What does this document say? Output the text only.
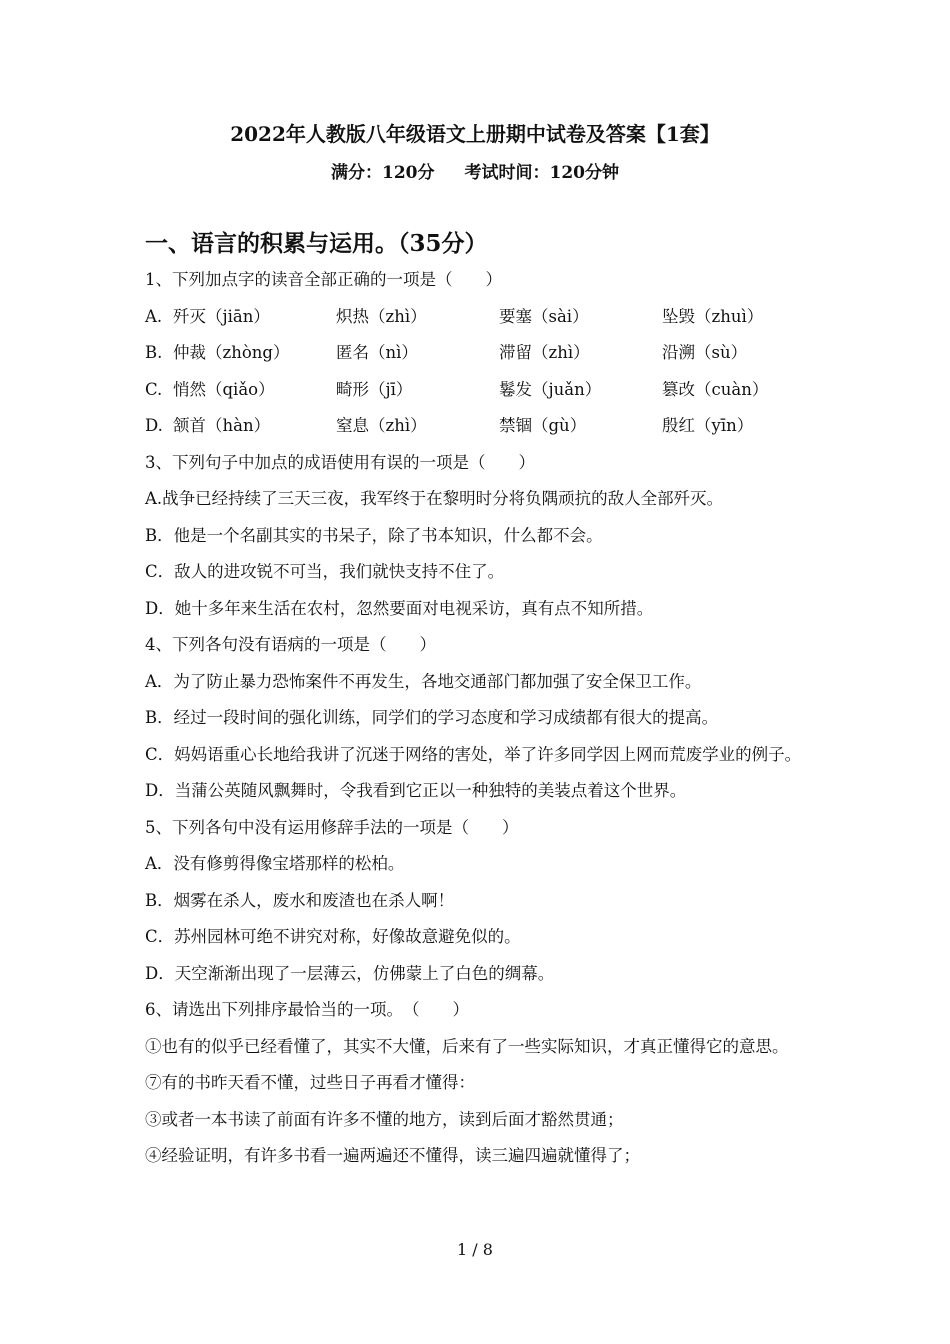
2022年人教版八年级语文上册期中试卷及答案【1套】
满分：120分 考试时间：120分钟
一、语言的积累与运用。（35分）
1、下列加点字的读音全部正确的一项是（　　）
A. 歼灭（jiān）	炽热（zhì）	要塞（sài）	坠毁（zhuì）
B. 仲裁（zhòng）	匿名（nì）	滞留（zhì）	沿溯（sù）
C. 悄然（qiǎo）	畸形（jī）	鬈发（juǎn）	篡改（cuàn）
D. 颔首（hàn）	窒息（zhì）	禁锢（gù）	殷红（yīn）
3、下列句子中加点的成语使用有误的一项是（　　）
A.战争已经持续了三天三夜，我军终于在黎明时分将负隅顽抗的敌人全部歼灭。
B．他是一个名副其实的书呆子，除了书本知识，什么都不会。
C．敌人的进攻锐不可当，我们就快支持不住了。
D．她十多年来生活在农村，忽然要面对电视采访，真有点不知所措。
4、下列各句没有语病的一项是（　　）
A．为了防止暴力恐怖案件不再发生，各地交通部门都加强了安全保卫工作。
B．经过一段时间的强化训练，同学们的学习态度和学习成绩都有很大的提高。
C．妈妈语重心长地给我讲了沉迷于网络的害处，举了许多同学因上网而荒废学业的例子。
D．当蒲公英随风飘舞时，令我看到它正以一种独特的美装点着这个世界。
5、下列各句中没有运用修辞手法的一项是（　　）
A．没有修剪得像宝塔那样的松柏。
B．烟雾在杀人，废水和废渣也在杀人啊！
C．苏州园林可绝不讲究对称，好像故意避免似的。
D．天空渐渐出现了一层薄云，仿佛蒙上了白色的绸幕。
6、请选出下列排序最恰当的一项。　（　　）
①也有的似乎已经看懂了，其实不大懂，后来有了一些实际知识，才真正懂得它的意思。
⑦有的书昨天看不懂，过些日子再看才懂得：
③或者一本书读了前面有许多不懂的地方，读到后面才豁然贯通；
④经验证明，有许多书看一遍两遍还不懂得，读三遍四遍就懂得了；
1 / 8
